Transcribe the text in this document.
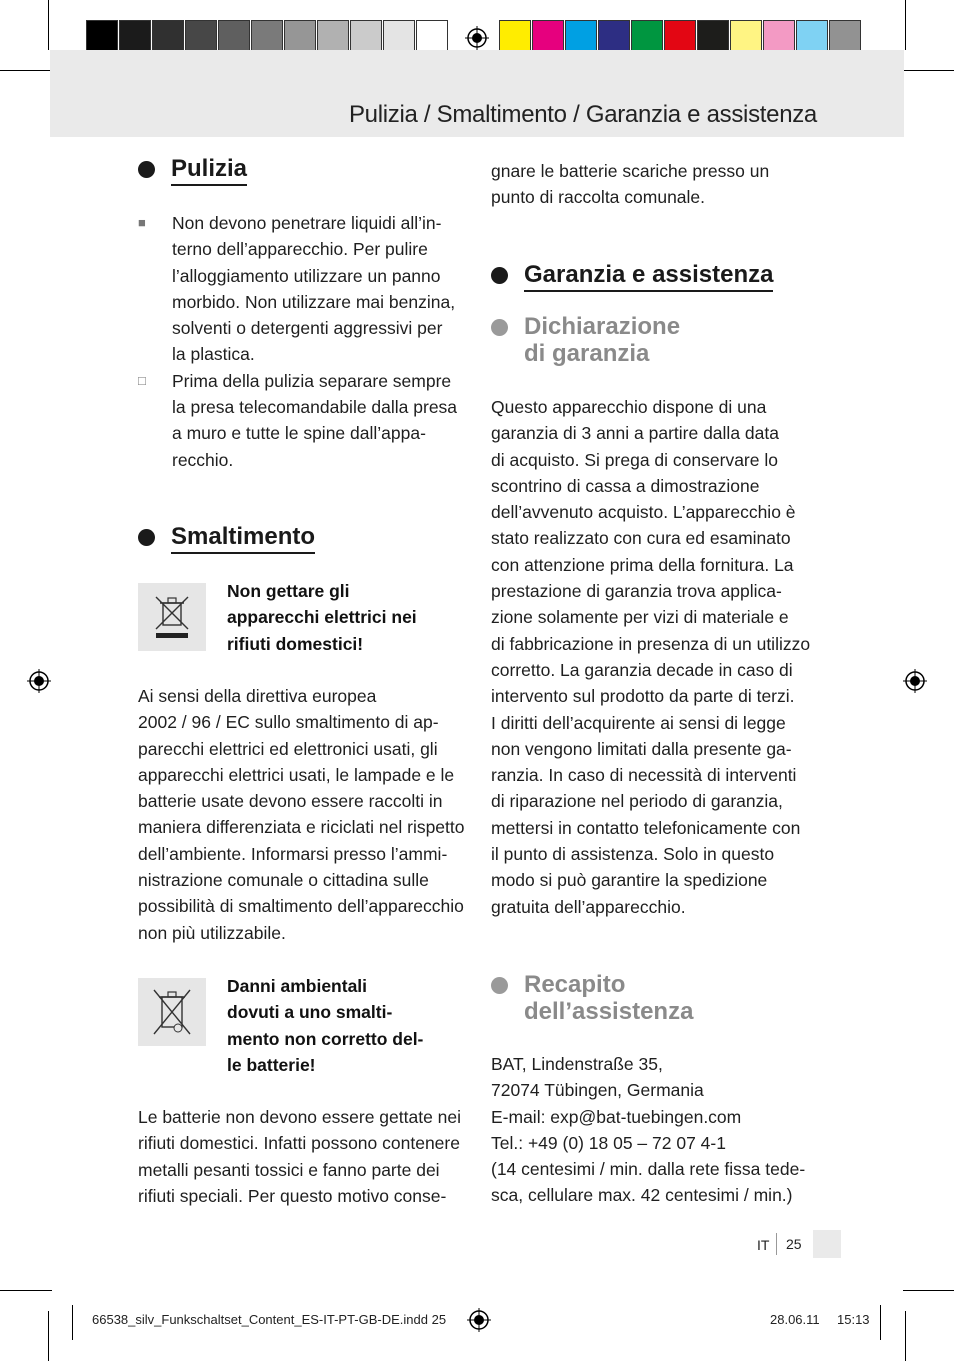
Pulizia / Smaltimento / Garanzia e assistenza
Pulizia
■ Non devono penetrare liquidi all’in-
terno dell’apparecchio. Per pulire
l’alloggiamento utilizzare un panno
morbido. Non utilizzare mai benzina,
solventi o detergenti aggressivi per
la plastica.

□ Prima della pulizia separare sempre
la presa telecomandabile dalla presa
a muro e tutte le spine dall’appa-
recchio.

Smaltimento
Non gettare gli
apparecchi elettrici nei
rifiuti domestici!

Ai sensi della direttiva europea
2002 / 96 / EC sullo smaltimento di ap-
parecchi elettrici ed elettronici usati, gli
apparecchi elettrici usati, le lampade e le
batterie usate devono essere raccolti in
maniera differenziata e riciclati nel rispetto
dell’ambiente. Informarsi presso l’ammi-
nistrazione comunale o cittadina sulle
possibilità di smaltimento dell’apparecchio
non più utilizzabile.

Danni ambientali
dovuti a uno smalti-
mento non corretto del-
le batterie!

Le batterie non devono essere gettate nei
rifiuti domestici. Infatti possono contenere
metalli pesanti tossici e fanno parte dei
rifiuti speciali. Per questo motivo conse-

gnare le batterie scariche presso un
punto di raccolta comunale.

Garanzia e assistenza
Dichiarazione
di garanzia

Questo apparecchio dispone di una
garanzia di 3 anni a partire dalla data
di acquisto. Si prega di conservare lo
scontrino di cassa a dimostrazione
dell’avvenuto acquisto. L’apparecchio è
stato realizzato con cura ed esaminato
con attenzione prima della fornitura. La
prestazione di garanzia trova applica-
zione solamente per vizi di materiale e
di fabbricazione in presenza di un utilizzo
corretto. La garanzia decade in caso di
intervento sul prodotto da parte di terzi.
I diritti dell’acquirente ai sensi di legge
non vengono limitati dalla presente ga-
ranzia. In caso di necessità di interventi
di riparazione nel periodo di garanzia,
mettersi in contatto telefonicamente con
il punto di assistenza. Solo in questo
modo si può garantire la spedizione
gratuita dell’apparecchio.

Recapito
dell’assistenza

BAT, Lindenstraße 35,
72074 Tübingen, Germania
E-mail: exp@bat-tuebingen.com
Tel.: +49 (0) 18 05 – 72 07 4-1
(14 centesimi / min. dalla rete fissa tede-
sca, cellulare max. 42 centesimi / min.)

IT 25
66538_silv_Funkschaltset_Content_ES-IT-PT-GB-DE.indd 25	28.06.11 15:13
